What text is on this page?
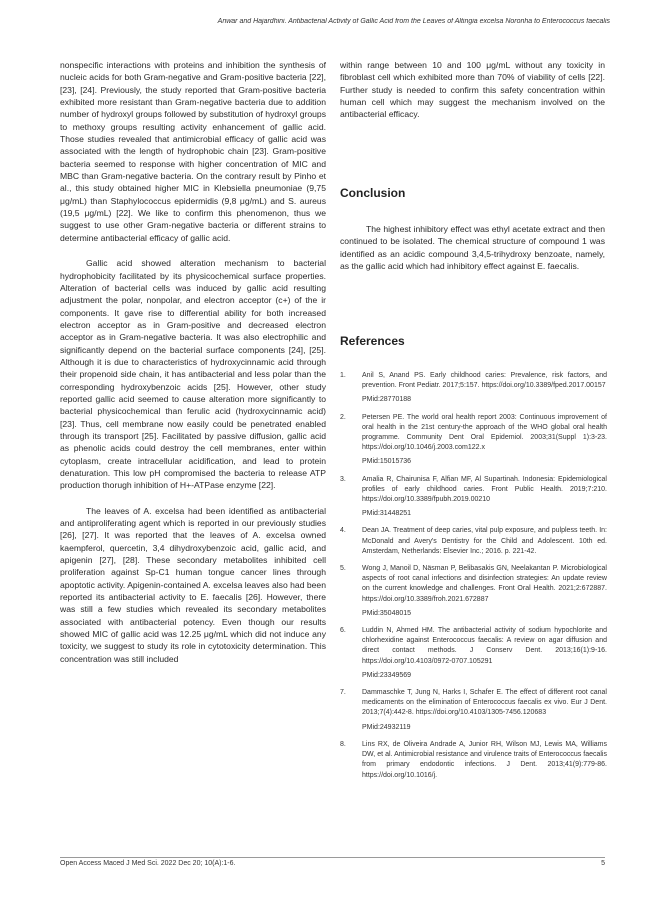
Anwar and Hajardhini. Antibacterial Activity of Gallic Acid from the Leaves of Altingia excelsa Noronha to Enterococcus faecalis

nonspecific interactions with proteins and inhibition the synthesis of nucleic acids for both Gram-negative and Gram-positive bacteria [22], [23], [24]. Previously, the study reported that Gram-positive bacteria exhibited more resistant than Gram-negative bacteria due to addition number of hydroxyl groups followed by substitution of hydroxyl groups to methoxy groups resulting activity enhancement of gallic acid. Those studies revealed that antimicrobial efficacy of gallic acid was associated with the length of hydrophobic chain [23]. Gram-positive bacteria seemed to response with higher concentration of MIC and MBC than Gram-negative bacteria. On the contrary result by Pinho et al., this study obtained higher MIC in Klebsiella pneumoniae (9,75 μg/mL) than Staphylococcus epidermidis (9,8 μg/mL) and S. aureus (19,5 μg/mL) [22]. We like to confirm this phenomenon, thus we suggest to use other Gram-negative bacteria or different strains to determine antibacterial efficacy of gallic acid.

Gallic acid showed alteration mechanism to bacterial hydrophobicity facilitated by its physicochemical surface properties. Alteration of bacterial cells was induced by gallic acid resulting adjustment the polar, nonpolar, and electron acceptor (c+) of the ir components. It gave rise to differential ability for both increased electron acceptor as in Gram-positive and decreased electron acceptor as in Gram-negative bacteria. It was also electrophilic and significantly depend on the bacterial surface components [24], [25]. Although it is due to characteristics of hydroxycinnamic acid through their propenoid side chain, it has antibacterial and less polar than the corresponding hydroxybenzoic acids [25]. However, other study reported gallic acid seemed to cause alteration more significantly to bacterial physicochemical than ferulic acid (hydroxycinnamic acid) [23]. Thus, cell membrane now easily could be penetrated enabled through its transport [25]. Facilitated by passive diffusion, gallic acid as phenolic acids could destroy the cell membranes, enter within cytoplasm, create intracellular acidification, and lead to protein denaturation. This low pH compromised the bacteria to release ATP production thorugh inhibition of H+-ATPase enzyme [22].

The leaves of A. excelsa had been identified as antibacterial and antiproliferating agent which is reported in our previously studies [26], [27]. It was reported that the leaves of A. excelsa owned kaempferol, quercetin, 3,4 dihydroxybenzoic acid, gallic acid, and apigenin [27], [28]. These secondary metabolites inhibited cell proliferation against Sp-C1 human tongue cancer lines through apoptotic activity. Apigenin-contained A. excelsa leaves also had been reported its antibacterial activity to E. faecalis [26]. However, there was still a few studies which revealed its secondary metabolites associated with antibacterial potency. Even though our results showed MIC of gallic acid was 12.25 μg/mL which did not induce any toxicity, we suggest to study its role in cytotoxicity determination. This concentration was still included

within range between 10 and 100 μg/mL without any toxicity in fibroblast cell which exhibited more than 70% of viability of cells [22]. Further study is needed to confirm this safety concentration within human cell which may suggest the mechanism involved on the antibacterial efficacy.

Conclusion

The highest inhibitory effect was ethyl acetate extract and then continued to be isolated. The chemical structure of compound 1 was identified as an acidic compound 3,4,5-trihydroxy benzoate, namely, as the gallic acid which had inhibitory effect against E. faecalis.

References
1. Anil S, Anand PS. Early childhood caries: Prevalence, risk factors, and prevention. Front Pediatr. 2017;5:157. https://doi.org/10.3389/fped.2017.00157
PMid:28770188
2. Petersen PE. The world oral health report 2003: Continuous improvement of oral health in the 21st century-the approach of the WHO global oral health programme. Community Dent Oral Epidemiol. 2003;31(Suppl 1):3-23. https://doi.org/10.1046/j.2003.com122.x
PMid:15015736
3. Amalia R, Chairunisa F, Alfian MF, Al Supartinah. Indonesia: Epidemiological profiles of early childhood caries. Front Public Health. 2019;7:210. https://doi.org/10.3389/fpubh.2019.00210
PMid:31448251
4. Dean JA. Treatment of deep caries, vital pulp exposure, and pulpless teeth. In: McDonald and Avery's Dentistry for the Child and Adolescent. 10th ed. Amsterdam, Netherlands: Elsevier Inc.; 2016. p. 221-42.
5. Wong J, Manoil D, Näsman P, Belibasakis GN, Neelakantan P. Microbiological aspects of root canal infections and disinfection strategies: An update review on the current knowledge and challenges. Front Oral Health. 2021;2:672887. https://doi.org/10.3389/froh.2021.672887
PMid:35048015
6. Luddin N, Ahmed HM. The antibacterial activity of sodium hypochlorite and chlorhexidine against Enterococcus faecalis: A review on agar diffusion and direct contact methods. J Conserv Dent. 2013;16(1):9-16. https://doi.org/10.4103/0972-0707.105291
PMid:23349569
7. Dammaschke T, Jung N, Harks I, Schafer E. The effect of different root canal medicaments on the elimination of Enterococcus faecalis ex vivo. Eur J Dent. 2013;7(4):442-8. https://doi.org/10.4103/1305-7456.120683
PMid:24932119
8. Lins RX, de Oliveira Andrade A, Junior RH, Wilson MJ, Lewis MA, Williams DW, et al. Antimicrobial resistance and virulence traits of Enterococcus faecalis from primary endodontic infections. J Dent. 2013;41(9):779-86. https://doi.org/10.1016/j.
Open Access Maced J Med Sci. 2022 Dec 20; 10(A):1-6.	5
